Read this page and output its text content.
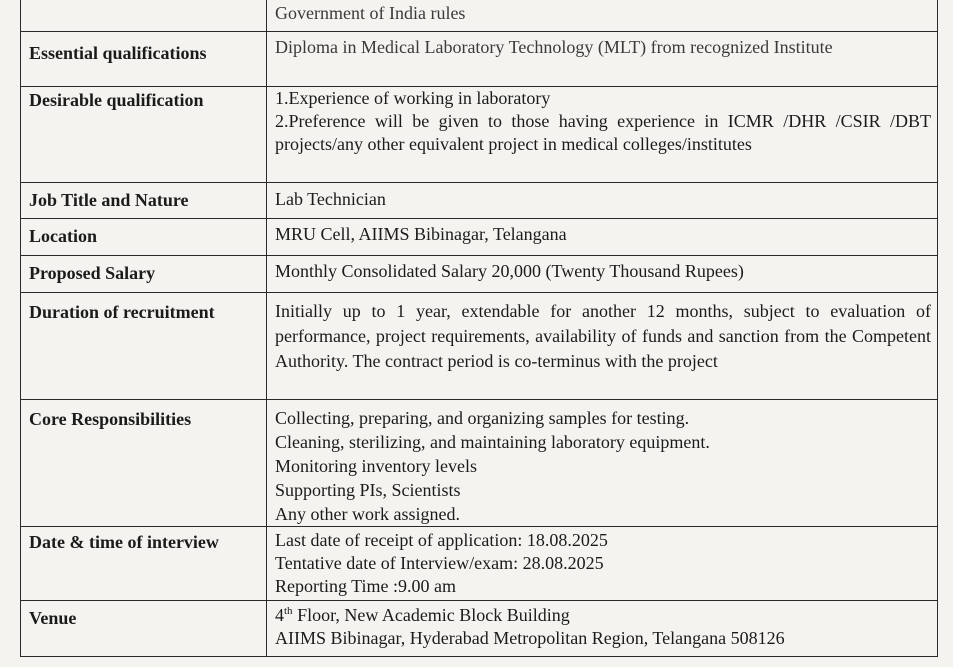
	Government of India rules

Essential qualifications	Diploma in Medical Laboratory Technology (MLT) from recognized Institute

Desirable qualification	1.Experience of working in laboratory
2.Preference will be given to those having experience in ICMR /DHR /CSIR /DBT projects/any other equivalent project in medical colleges/institutes

Job Title and Nature	Lab Technician

Location	MRU Cell, AIIMS Bibinagar, Telangana

Proposed Salary	Monthly Consolidated Salary 20,000 (Twenty Thousand Rupees)

Duration of recruitment	Initially up to 1 year, extendable for another 12 months, subject to evaluation of performance, project requirements, availability of funds and sanction from the Competent Authority. The contract period is co-terminus with the project

Core Responsibilities	Collecting, preparing, and organizing samples for testing.
Cleaning, sterilizing, and maintaining laboratory equipment.
Monitoring inventory levels
Supporting PIs, Scientists
Any other work assigned.

Date & time of interview	Last date of receipt of application: 18.08.2025
Tentative date of Interview/exam: 28.08.2025
Reporting Time :9.00 am

Venue	4th Floor, New Academic Block Building
AIIMS Bibinagar, Hyderabad Metropolitan Region, Telangana 508126
